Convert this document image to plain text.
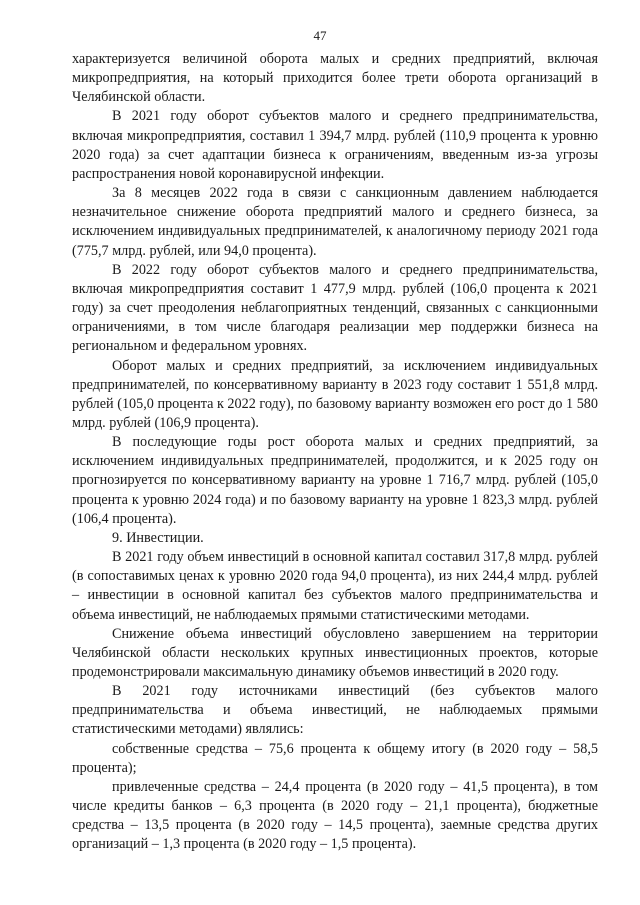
47

характеризуется величиной оборота малых и средних предприятий, включая микропредприятия, на который приходится более трети оборота организаций в Челябинской области.

В 2021 году оборот субъектов малого и среднего предпринимательства, включая микропредприятия, составил 1 394,7 млрд. рублей (110,9 процента к уровню 2020 года) за счет адаптации бизнеса к ограничениям, введенным из-за угрозы распространения новой коронавирусной инфекции.

За 8 месяцев 2022 года в связи с санкционным давлением наблюдается незначительное снижение оборота предприятий малого и среднего бизнеса, за исключением индивидуальных предпринимателей, к аналогичному периоду 2021 года (775,7 млрд. рублей, или 94,0 процента).

В 2022 году оборот субъектов малого и среднего предпринимательства, включая микропредприятия составит 1 477,9 млрд. рублей (106,0 процента к 2021 году) за счет преодоления неблагоприятных тенденций, связанных с санкционными ограничениями, в том числе благодаря реализации мер поддержки бизнеса на региональном и федеральном уровнях.

Оборот малых и средних предприятий, за исключением индивидуальных предпринимателей, по консервативному варианту в 2023 году составит 1 551,8 млрд. рублей (105,0 процента к 2022 году), по базовому варианту возможен его рост до 1 580 млрд. рублей (106,9 процента).

В последующие годы рост оборота малых и средних предприятий, за исключением индивидуальных предпринимателей, продолжится, и к 2025 году он прогнозируется по консервативному варианту на уровне 1 716,7 млрд. рублей (105,0 процента к уровню 2024 года) и по базовому варианту на уровне 1 823,3 млрд. рублей (106,4 процента).

9. Инвестиции.

В 2021 году объем инвестиций в основной капитал составил 317,8 млрд. рублей (в сопоставимых ценах к уровню 2020 года 94,0 процента), из них 244,4 млрд. рублей – инвестиции в основной капитал без субъектов малого предпринимательства и объема инвестиций, не наблюдаемых прямыми статистическими методами.

Снижение объема инвестиций обусловлено завершением на территории Челябинской области нескольких крупных инвестиционных проектов, которые продемонстрировали максимальную динамику объемов инвестиций в 2020 году.

В 2021 году источниками инвестиций (без субъектов малого предпринимательства и объема инвестиций, не наблюдаемых прямыми статистическими методами) являлись:

собственные средства – 75,6 процента к общему итогу (в 2020 году – 58,5 процента);

привлеченные средства – 24,4 процента (в 2020 году – 41,5 процента), в том числе кредиты банков – 6,3 процента (в 2020 году – 21,1 процента), бюджетные средства – 13,5 процента (в 2020 году – 14,5 процента), заемные средства других организаций – 1,3 процента (в 2020 году – 1,5 процента).
